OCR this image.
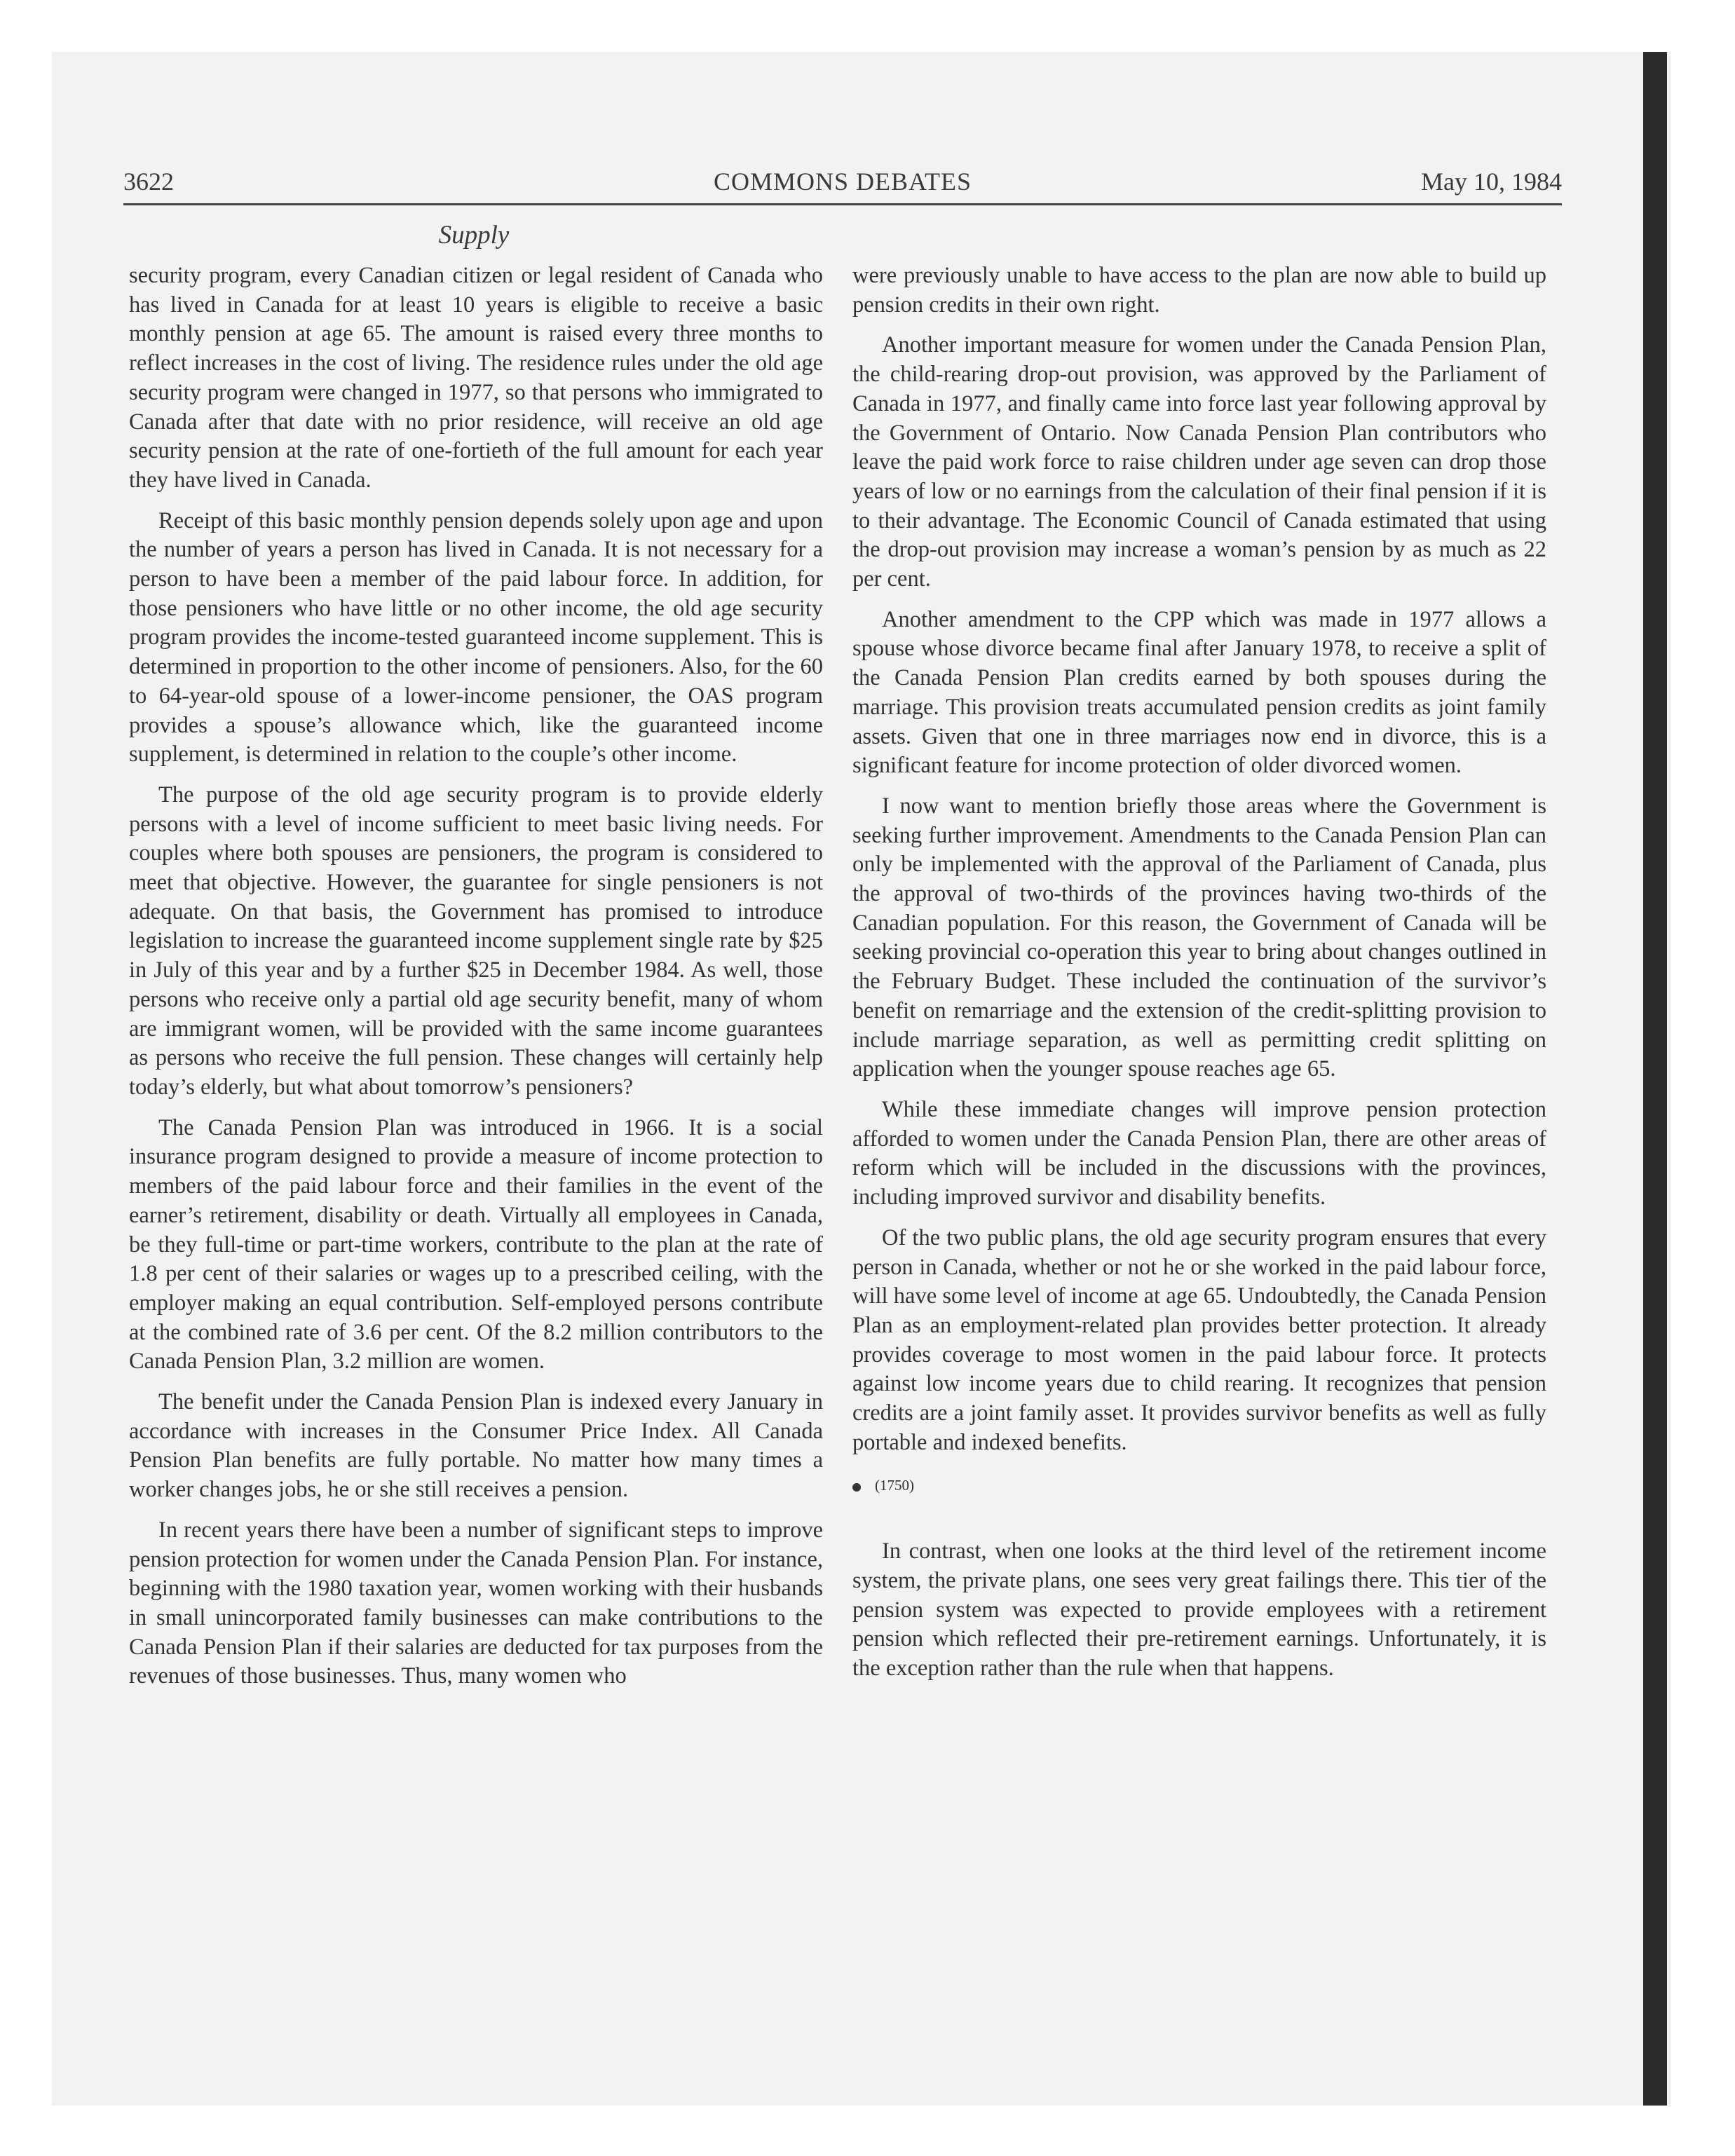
COMMONS DEBATES
3622	May 10, 1984
Supply

security program, every Canadian citizen or legal resident of Canada who has lived in Canada for at least 10 years is eligible to receive a basic monthly pension at age 65. The amount is raised every three months to reflect increases in the cost of living. The residence rules under the old age security program were changed in 1977, so that persons who immigrated to Canada after that date with no prior residence, will receive an old age security pension at the rate of one-fortieth of the full amount for each year they have lived in Canada.

Receipt of this basic monthly pension depends solely upon age and upon the number of years a person has lived in Canada. It is not necessary for a person to have been a member of the paid labour force. In addition, for those pensioners who have little or no other income, the old age security program provides the income-tested guaranteed income supplement. This is determined in proportion to the other income of pensioners. Also, for the 60 to 64-year-old spouse of a lower-income pensioner, the OAS program provides a spouse’s allowance which, like the guaranteed income supplement, is determined in relation to the couple’s other income.

The purpose of the old age security program is to provide elderly persons with a level of income sufficient to meet basic living needs. For couples where both spouses are pensioners, the program is considered to meet that objective. However, the guarantee for single pensioners is not adequate. On that basis, the Government has promised to introduce legislation to increase the guaranteed income supplement single rate by $25 in July of this year and by a further $25 in December 1984. As well, those persons who receive only a partial old age security benefit, many of whom are immigrant women, will be provided with the same income guarantees as persons who receive the full pension. These changes will certainly help today’s elderly, but what about tomorrow’s pensioners?

The Canada Pension Plan was introduced in 1966. It is a social insurance program designed to provide a measure of income protection to members of the paid labour force and their families in the event of the earner’s retirement, disability or death. Virtually all employees in Canada, be they full-time or part-time workers, contribute to the plan at the rate of 1.8 per cent of their salaries or wages up to a prescribed ceiling, with the employer making an equal contribution. Self-employed persons contribute at the combined rate of 3.6 per cent. Of the 8.2 million contributors to the Canada Pension Plan, 3.2 million are women.

The benefit under the Canada Pension Plan is indexed every January in accordance with increases in the Consumer Price Index. All Canada Pension Plan benefits are fully portable. No matter how many times a worker changes jobs, he or she still receives a pension.

In recent years there have been a number of significant steps to improve pension protection for women under the Canada Pension Plan. For instance, beginning with the 1980 taxation year, women working with their husbands in small unincorporated family businesses can make contributions to the Canada Pension Plan if their salaries are deducted for tax purposes from the revenues of those businesses. Thus, many women who

were previously unable to have access to the plan are now able to build up pension credits in their own right.

Another important measure for women under the Canada Pension Plan, the child-rearing drop-out provision, was approved by the Parliament of Canada in 1977, and finally came into force last year following approval by the Government of Ontario. Now Canada Pension Plan contributors who leave the paid work force to raise children under age seven can drop those years of low or no earnings from the calculation of their final pension if it is to their advantage. The Economic Council of Canada estimated that using the drop-out provision may increase a woman’s pension by as much as 22 per cent.

Another amendment to the CPP which was made in 1977 allows a spouse whose divorce became final after January 1978, to receive a split of the Canada Pension Plan credits earned by both spouses during the marriage. This provision treats accumulated pension credits as joint family assets. Given that one in three marriages now end in divorce, this is a significant feature for income protection of older divorced women.

I now want to mention briefly those areas where the Government is seeking further improvement. Amendments to the Canada Pension Plan can only be implemented with the approval of the Parliament of Canada, plus the approval of two-thirds of the provinces having two-thirds of the Canadian population. For this reason, the Government of Canada will be seeking provincial co-operation this year to bring about changes outlined in the February Budget. These included the continuation of the survivor’s benefit on remarriage and the extension of the credit-splitting provision to include marriage separation, as well as permitting credit splitting on application when the younger spouse reaches age 65.

While these immediate changes will improve pension protection afforded to women under the Canada Pension Plan, there are other areas of reform which will be included in the discussions with the provinces, including improved survivor and disability benefits.

Of the two public plans, the old age security program ensures that every person in Canada, whether or not he or she worked in the paid labour force, will have some level of income at age 65. Undoubtedly, the Canada Pension Plan as an employment-related plan provides better protection. It already provides coverage to most women in the paid labour force. It protects against low income years due to child rearing. It recognizes that pension credits are a joint family asset. It provides survivor benefits as well as fully portable and indexed benefits.

(1750)

In contrast, when one looks at the third level of the retirement income system, the private plans, one sees very great failings there. This tier of the pension system was expected to provide employees with a retirement pension which reflected their pre-retirement earnings. Unfortunately, it is the exception rather than the rule when that happens.
